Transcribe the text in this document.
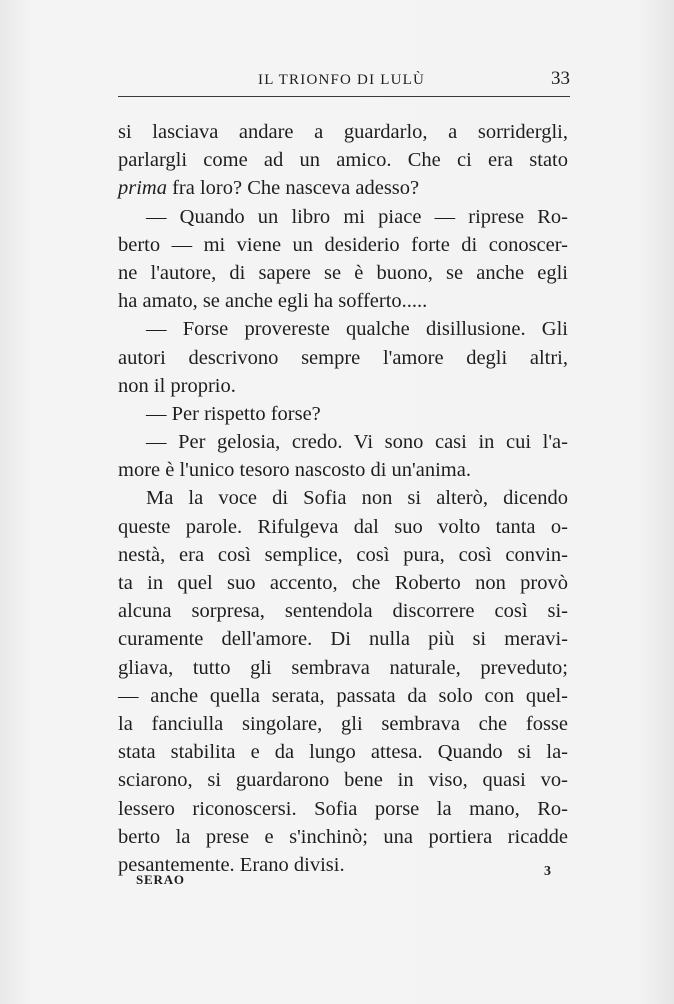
IL TRIONFO DI LULÙ	33
si lasciava andare a guardarlo, a sorridergli,
parlargli come ad un amico. Che ci era stato
prima fra loro? Che nasceva adesso?
— Quando un libro mi piace — riprese Ro-
berto — mi viene un desiderio forte di conoscer-
ne l'autore, di sapere se è buono, se anche egli
ha amato, se anche egli ha sofferto.....
— Forse provereste qualche disillusione. Gli
autori descrivono sempre l'amore degli altri,
non il proprio.
— Per rispetto forse?
— Per gelosia, credo. Vi sono casi in cui l'a-
more è l'unico tesoro nascosto di un'anima.
Ma la voce di Sofia non si alterò, dicendo
queste parole. Rifulgeva dal suo volto tanta o-
nestà, era così semplice, così pura, così convin-
ta in quel suo accento, che Roberto non provò
alcuna sorpresa, sentendola discorrere così si-
curamente dell'amore. Di nulla più si meravi-
gliava, tutto gli sembrava naturale, preveduto;
— anche quella serata, passata da solo con quel-
la fanciulla singolare, gli sembrava che fosse
stata stabilita e da lungo attesa. Quando si la-
sciarono, si guardarono bene in viso, quasi vo-
lessero riconoscersi. Sofia porse la mano, Ro-
berto la prese e s'inchinò; una portiera ricadde
pesantemente. Erano divisi.
SERAO
3
